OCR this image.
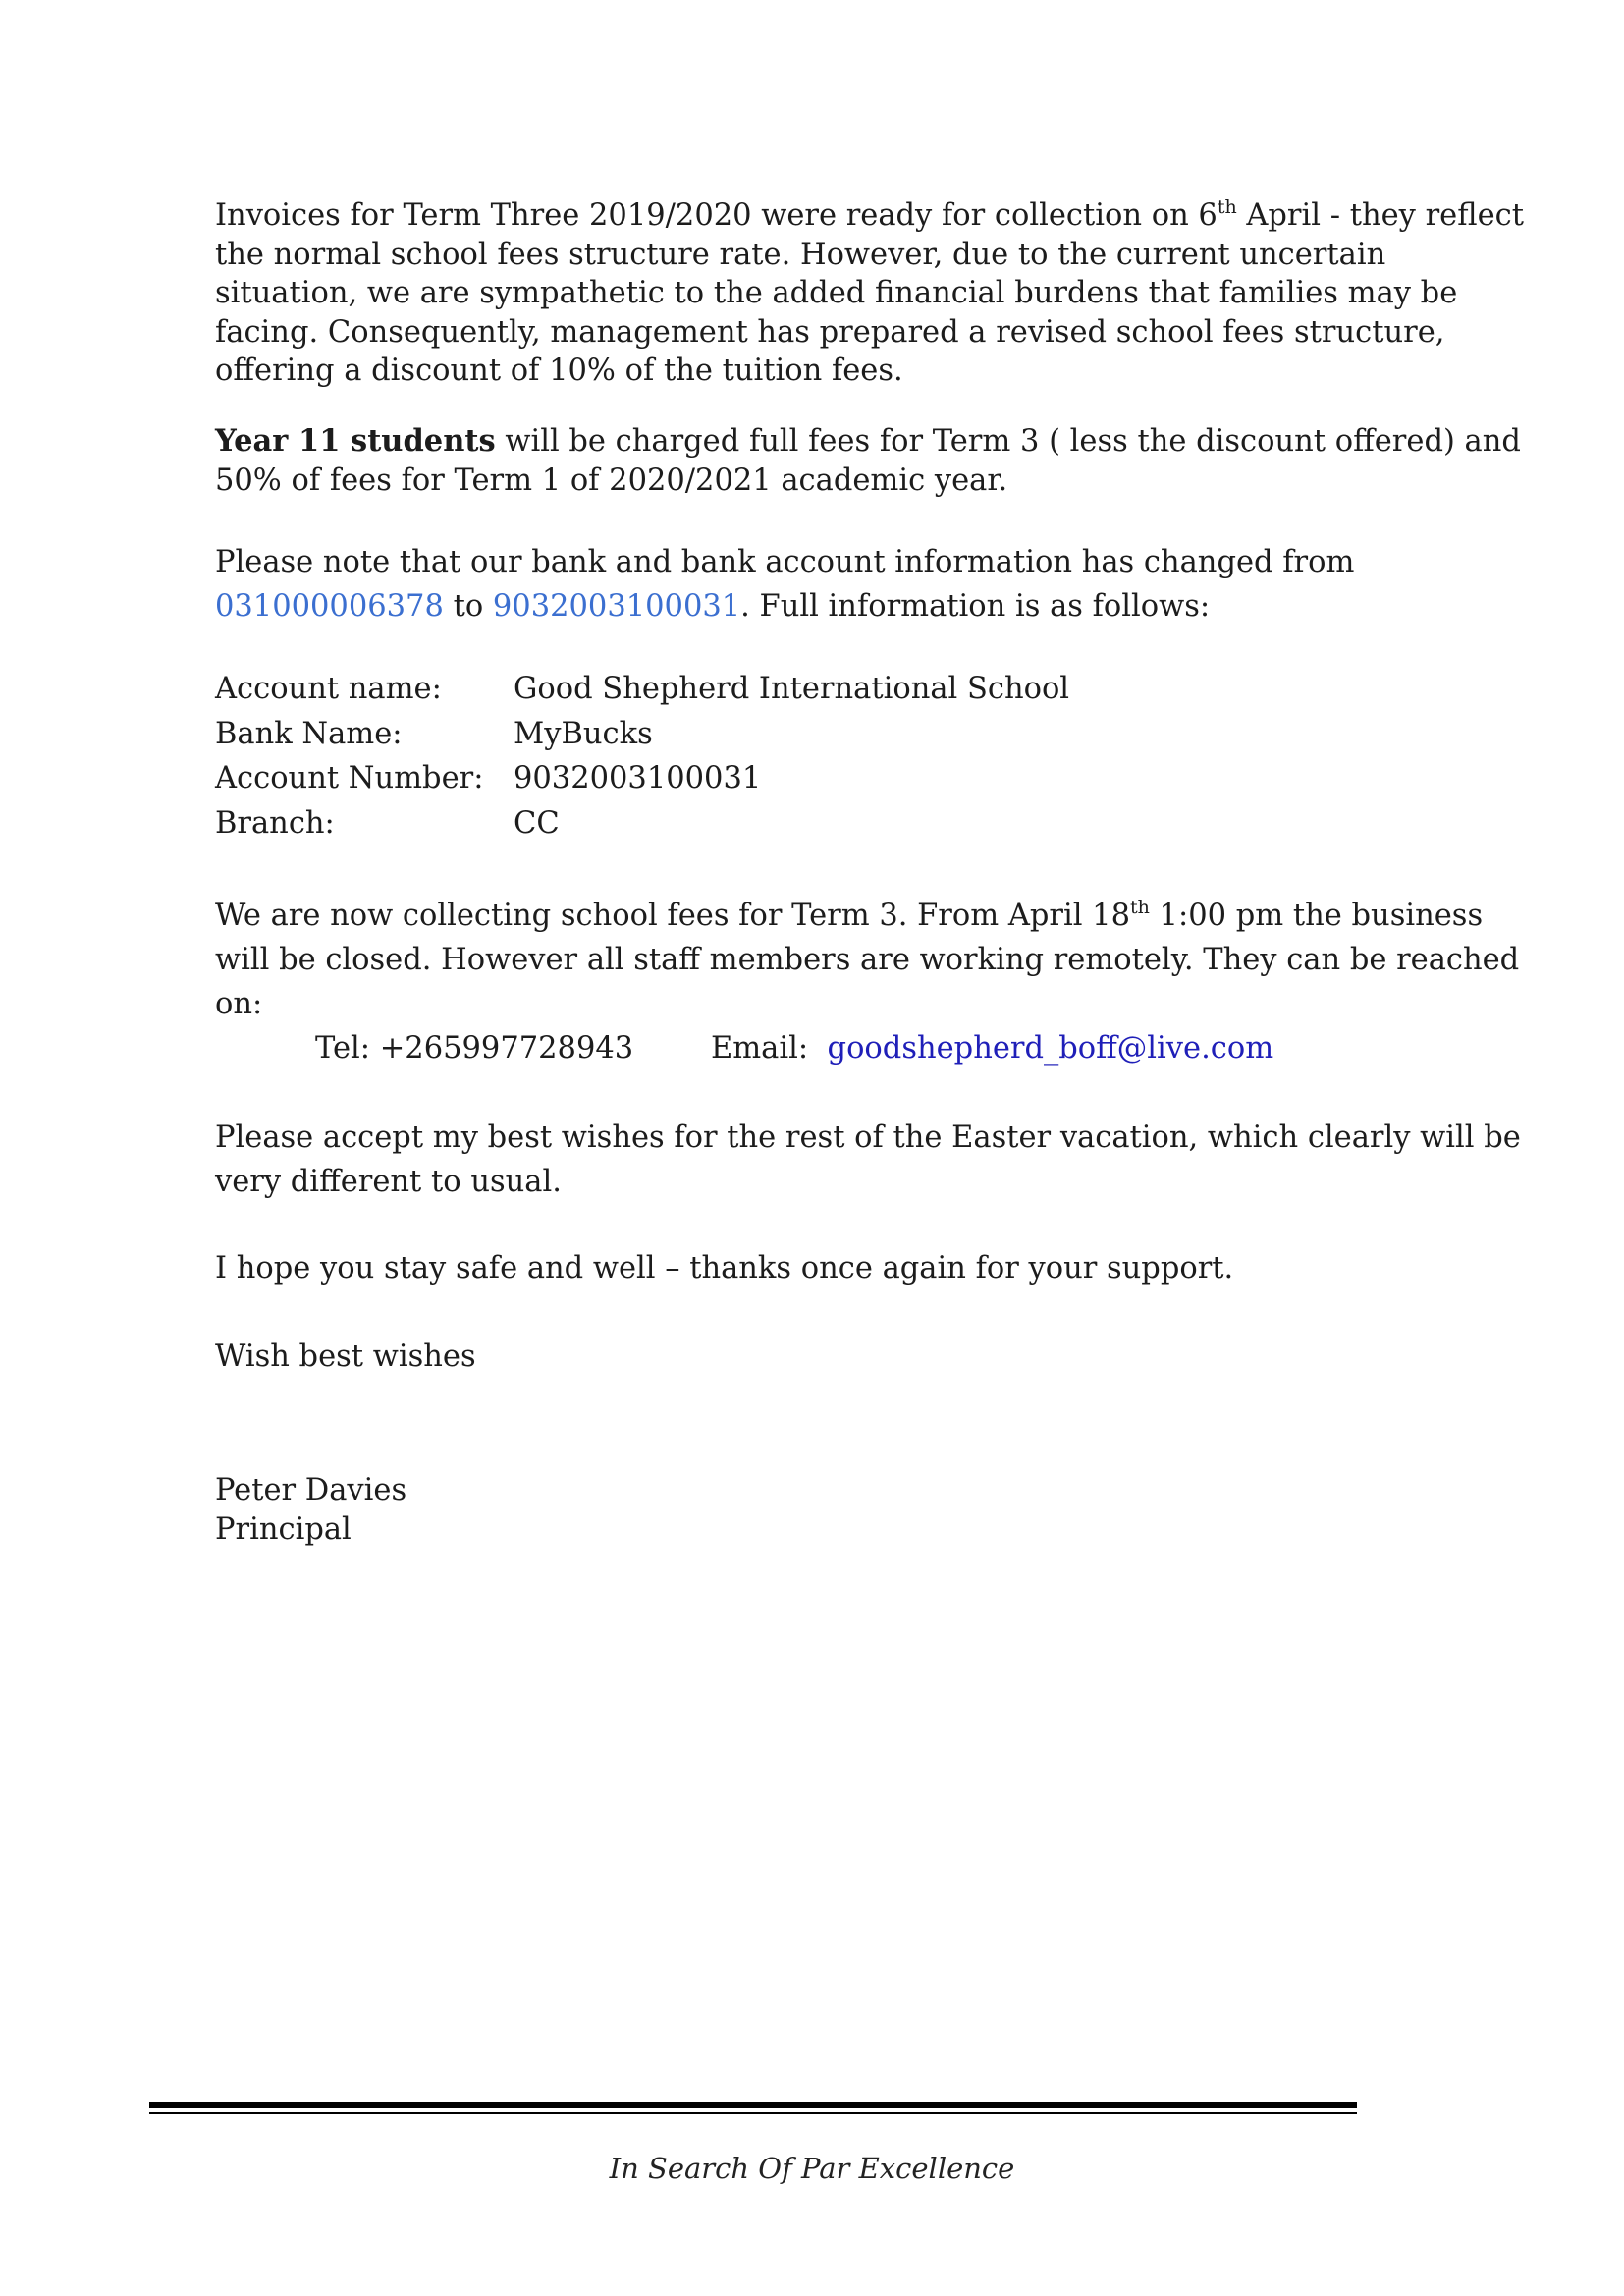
Invoices for Term Three 2019/2020 were ready for collection on 6th April - they reflect the normal school fees structure rate. However, due to the current uncertain situation, we are sympathetic to the added financial burdens that families may be facing. Consequently, management has prepared a revised school fees structure, offering a discount of 10% of the tuition fees.

Year 11 students will be charged full fees for Term 3 ( less the discount offered) and 50% of fees for Term 1 of 2020/2021 academic year.

Please note that our bank and bank account information has changed from 031000006378 to 9032003100031. Full information is as follows:

Account name:	Good Shepherd International School
Bank Name:	MyBucks
Account Number:	9032003100031
Branch:	CC

We are now collecting school fees for Term 3. From April 18th 1:00 pm the business will be closed. However all staff members are working remotely. They can be reached on:

Tel: +265997728943	Email: goodshepherd_boff@live.com

Please accept my best wishes for the rest of the Easter vacation, which clearly will be very different to usual.

I hope you stay safe and well – thanks once again for your support.

Wish best wishes

Peter Davies
Principal
In Search Of Par Excellence
